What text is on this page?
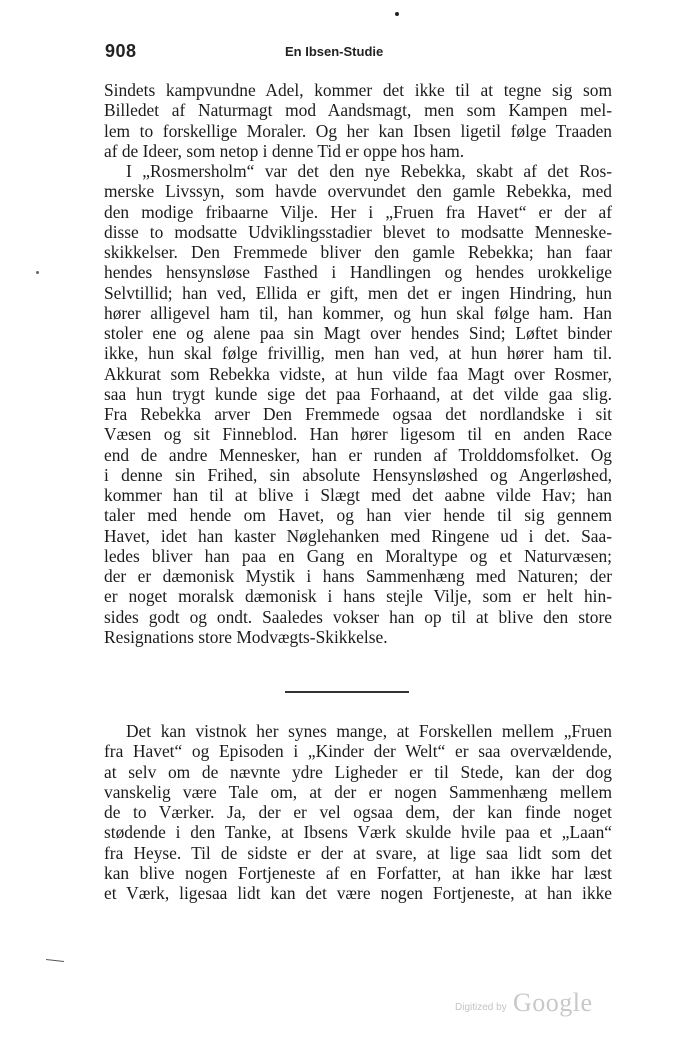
908	En Ibsen-Studie
Sindets kampvundne Adel, kommer det ikke til at tegne sig som
Billedet af Naturmagt mod Aandsmagt, men som Kampen mel-
lem to forskellige Moraler. Og her kan Ibsen ligetil følge Traaden
af de Ideer, som netop i denne Tid er oppe hos ham.
I „Rosmersholm“ var det den nye Rebekka, skabt af det Ros-
merske Livssyn, som havde overvundet den gamle Rebekka, med
den modige fribaarne Vilje. Her i „Fruen fra Havet“ er der af
disse to modsatte Udviklingsstadier blevet to modsatte Menneske-
skikkelser. Den Fremmede bliver den gamle Rebekka; han faar
hendes hensynsløse Fasthed i Handlingen og hendes urokkelige
Selvtillid; han ved, Ellida er gift, men det er ingen Hindring, hun
hører alligevel ham til, han kommer, og hun skal følge ham. Han
stoler ene og alene paa sin Magt over hendes Sind; Løftet binder
ikke, hun skal følge frivillig, men han ved, at hun hører ham til.
Akkurat som Rebekka vidste, at hun vilde faa Magt over Rosmer,
saa hun trygt kunde sige det paa Forhaand, at det vilde gaa slig.
Fra Rebekka arver Den Fremmede ogsaa det nordlandske i sit
Væsen og sit Finneblod. Han hører ligesom til en anden Race
end de andre Mennesker, han er runden af Trolddomsfolket. Og
i denne sin Frihed, sin absolute Hensynsløshed og Angerløshed,
kommer han til at blive i Slægt med det aabne vilde Hav; han
taler med hende om Havet, og han vier hende til sig gennem
Havet, idet han kaster Nøglehanken med Ringene ud i det. Saa-
ledes bliver han paa en Gang en Moraltype og et Naturvæsen;
der er dæmonisk Mystik i hans Sammenhæng med Naturen; der
er noget moralsk dæmonisk i hans stejle Vilje, som er helt hin-
sides godt og ondt. Saaledes vokser han op til at blive den store
Resignations store Modvægts-Skikkelse.
Det kan vistnok her synes mange, at Forskellen mellem „Fruen
fra Havet“ og Episoden i „Kinder der Welt“ er saa overvældende,
at selv om de nævnte ydre Ligheder er til Stede, kan der dog
vanskelig være Tale om, at der er nogen Sammenhæng mellem
de to Værker. Ja, der er vel ogsaa dem, der kan finde noget
stødende i den Tanke, at Ibsens Værk skulde hvile paa et „Laan“
fra Heyse. Til de sidste er der at svare, at lige saa lidt som det
kan blive nogen Fortjeneste af en Forfatter, at han ikke har læst
et Værk, ligesaa lidt kan det være nogen Fortjeneste, at han ikke
Digitized by Google
